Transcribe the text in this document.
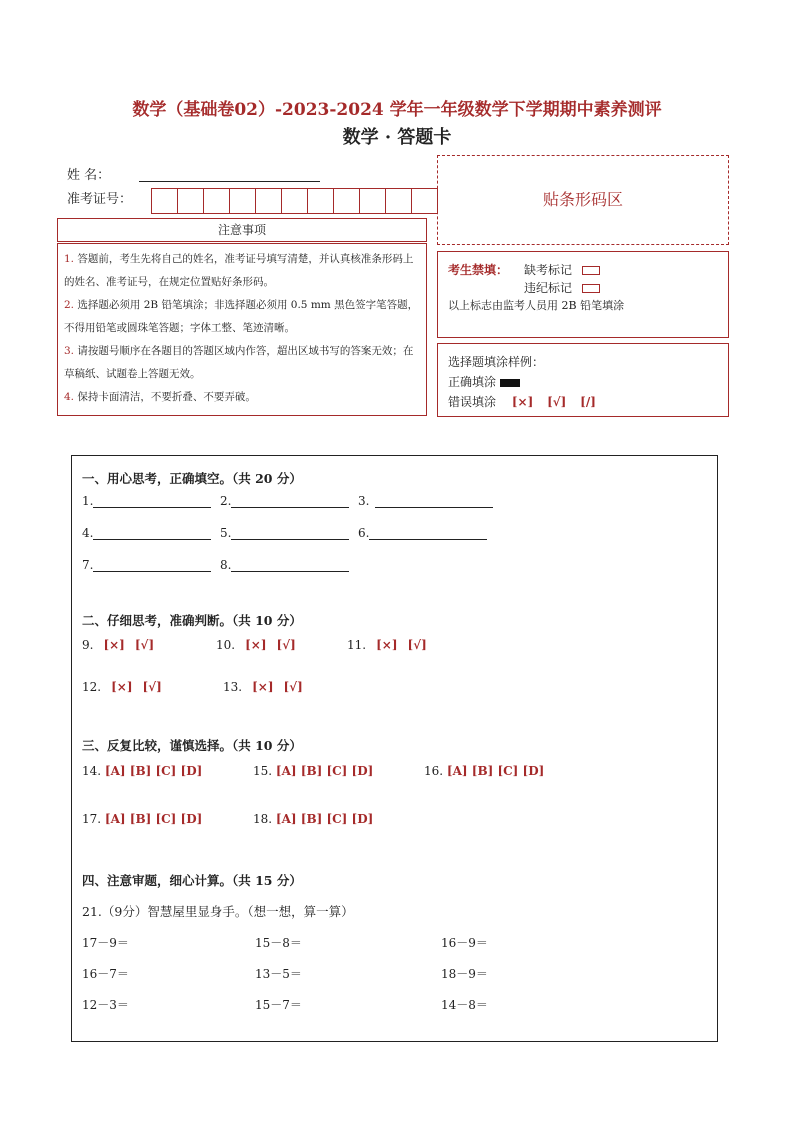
数学（基础卷02）-2023-2024 学年一年级数学下学期期中素养测评
数学 · 答题卡
姓 名：
准考证号：
注意事项

1. 答题前，考生先将自己的姓名，准考证号填写清楚，并认真核准条形码上的姓名、准考证号，在规定位置贴好条形码。

2. 选择题必须用 2B 铅笔填涂；非选择题必须用 0.5 mm 黑色签字笔答题，不得用铅笔或圆珠笔答题；字体工整、笔迹清晰。

3. 请按题号顺序在各题目的答题区域内作答，超出区域书写的答案无效；在草稿纸、试题卷上答题无效。

4. 保持卡面清洁，不要折叠、不要弄破。

贴条形码区
考生禁填： 缺考标记
违纪标记
以上标志由监考人员用 2B 铅笔填涂
选择题填涂样例：
正确填涂
错误填涂 [×] [√] [/]
一、用心思考，正确填空。（共 20 分）
1.	2.	3.
4.	5.	6.
7.	8.
二、仔细思考，准确判断。（共 10 分）
9. [×] [√]	10. [×] [√]	11. [×] [√]
12. [×] [√]	13. [×] [√]
三、反复比较，谨慎选择。（共 10 分）
14. [A] [B] [C] [D]	15. [A] [B] [C] [D]	16. [A] [B] [C] [D]
17. [A] [B] [C] [D]	18. [A] [B] [C] [D]
四、注意审题，细心计算。（共 15 分）
21.（9分）智慧屋里显身手。（想一想，算一算）
17－9＝	15－8＝	16－9＝
16－7＝	13－5＝	18－9＝
12－3＝	15－7＝	14－8＝
